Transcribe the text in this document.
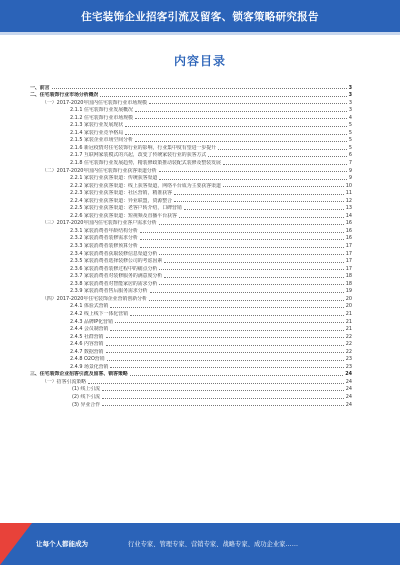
住宅装饰企业招客引流及留客、锁客策略研究报告
内容目录
一、前言	3
二、住宅装饰行业市场分析概况	3
（一）2017-2020年国内住宅装饰行业市场规模	3
2.1.1 住宅装饰行业发展概况	3
2.1.2 住宅装饰行业市场规模	4
2.1.3 家装行业发展现状	5
2.1.4 家装行业竞争格局	5
2.1.5 家装企业市场空间分析	5
2.1.6 新冠疫情对住宅装饰行业的影响，行业集中度有望进一步提升	5
2.1.7 互联网家装模式的兴起，改变了传统家装行业的获客方式	6
2.1.8 住宅装饰行业发展趋势，精装修政策推动装配式装修及整装发展	7
（二）2017-2020年国内住宅装饰行业获客渠道分析	9
2.2.1 家装行业获客渠道：传统获客渠道	9
2.2.2 家装行业获客渠道：线上获客渠道，网络平台成为主要获客渠道	10
2.2.3 家装行业获客渠道：社区营销，精准获客	11
2.2.4 家装行业获客渠道：异业联盟，资源整合	12
2.2.5 家装行业获客渠道：老客户转介绍，口碑营销	13
2.2.6 家装行业获客渠道：短视频及直播平台获客	14
（三）2017-2020年国内住宅装饰行业客户需求分析	16
2.3.1 家装消费者年龄结构分析	16
2.3.2 家装消费者装修需求分析	16
2.3.3 家装消费者装修预算分析	17
2.3.4 家装消费者获取装修信息渠道分析	17
2.3.5 家装消费者选择装修公司的考虑因素	17
2.3.6 家装消费者装修过程中的痛点分析	17
2.3.7 家装消费者对装修服务的满意度分析	18
2.3.8 家装消费者对智能家居的需求分析	18
2.3.9 家装消费者售后服务需求分析	19
（四）2017-2020年住宅装饰企业营销创新分析	20
2.4.1 体验式营销	20
2.4.2 线上线下一体化营销	21
2.4.3 品牌IP化营销	21
2.4.4 会员制营销	21
2.4.5 社群营销	22
2.4.6 内容营销	22
2.4.7 数据营销	22
2.4.8 O2O营销	23
2.4.9 场景化营销	23
三、住宅装饰企业招客引流及留客、锁客策略	24
（一）招客引流策略	24
(1) 线上引流	24
(2) 线下引流	24
(3) 异业合作	24
让每个人都能成为	行业专家、管理专家、营销专家、战略专家、成功企业家……
